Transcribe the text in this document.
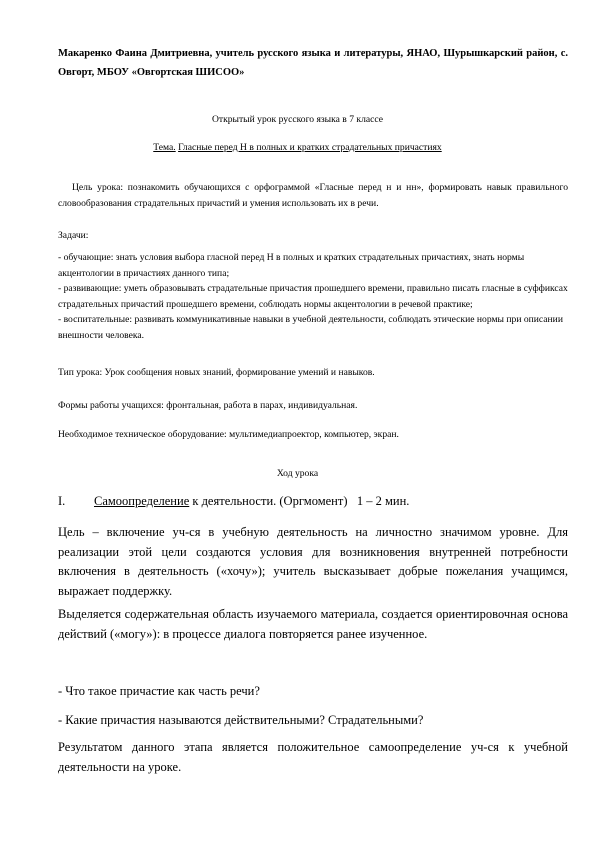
Макаренко Фаина Дмитриевна, учитель русского языка и литературы, ЯНАО, Шурышкарский район, с. Овгорт, МБОУ «Овгортская ШИСОО»
Открытый урок русского языка в 7 классе
Тема. Гласные перед Н в полных и кратких страдательных причастиях
Цель урока: познакомить обучающихся с орфограммой «Гласные перед н и нн», формировать навык правильного словообразования страдательных причастий и умения использовать их в речи.
Задачи:
- обучающие: знать условия выбора гласной перед Н в полных и кратких страдательных причастиях, знать нормы акцентологии в причастиях данного типа;
- развивающие: уметь образовывать страдательные причастия прошедшего времени, правильно писать гласные в суффиксах страдательных причастий прошедшего времени, соблюдать нормы акцентологии в речевой практике;
- воспитательные: развивать коммуникативные навыки в учебной деятельности, соблюдать этические нормы при описании внешности человека.
Тип урока: Урок сообщения новых знаний, формирование умений и навыков.
Формы работы учащихся: фронтальная, работа в парах, индивидуальная.
Необходимое техническое оборудование: мультимедиапроектор, компьютер, экран.
Ход урока
I. Самоопределение к деятельности. (Оргмомент)   1 – 2 мин.
Цель – включение уч-ся в учебную деятельность на личностно значимом уровне. Для реализации этой цели создаются условия для возникновения внутренней потребности включения в деятельность («хочу»); учитель высказывает добрые пожелания учащимся, выражает поддержку.
Выделяется содержательная область изучаемого материала, создается ориентировочная основа действий («могу»): в процессе диалога повторяется ранее изученное.
- Что такое причастие как часть речи?
- Какие причастия называются действительными? Страдательными?
Результатом данного этапа является положительное самоопределение уч-ся к учебной деятельности на уроке.
